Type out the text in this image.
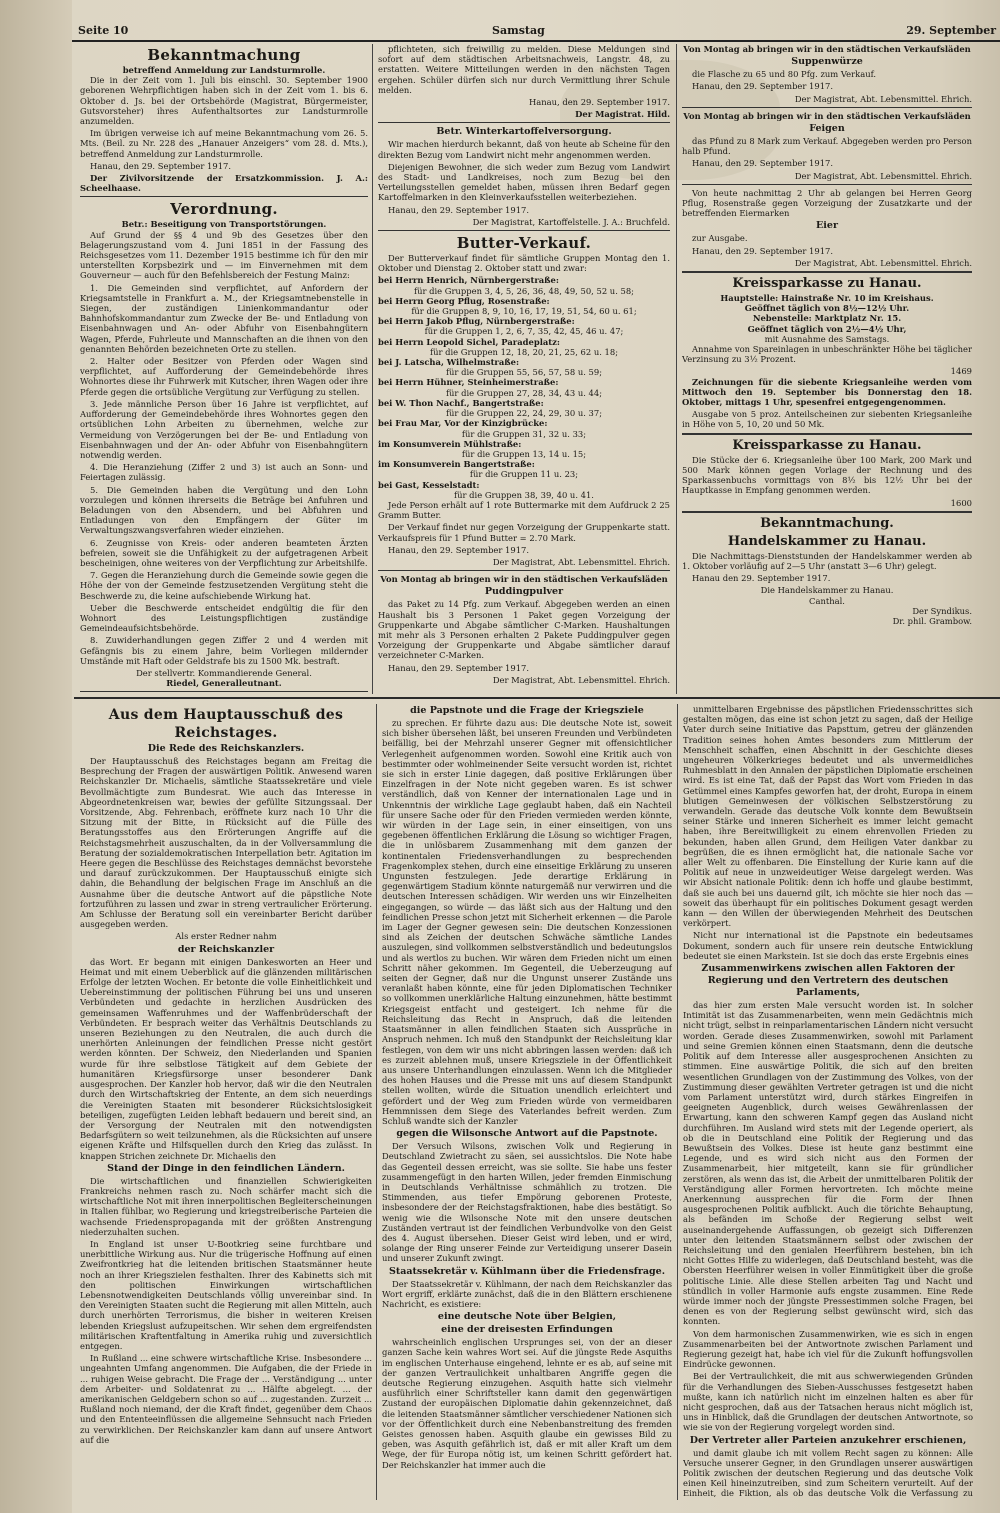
Seite 10	Samstag	29. September
Bekanntmachung
betreffend Anmeldung zur Landsturmrolle.

Die in der Zeit vom 1. Juli bis einschl. 30. September 1900 geborenen Wehrpflichtigen haben sich in der Zeit vom 1. bis 6. Oktober d. Js. bei der Ortsbehörde (Magistrat, Bürgermeister, Gutsvorsteher) ihres Aufenthaltsortes zur Landsturmrolle anzumelden.

Im übrigen verweise ich auf meine Bekanntmachung vom 26. 5. Mts. (Beil. zu Nr. 228 des „Hanauer Anzeigers“ vom 28. d. Mts.), betreffend Anmeldung zur Landsturmrolle.

Hanau, den 29. September 1917.

Der Zivilvorsitzende der Ersatzkommission. J. A.: Scheelhaase.

Verordnung.
Betr.: Beseitigung von Transportstörungen.

Auf Grund der §§ 4 und 9b des Gesetzes über den Belagerungszustand vom 4. Juni 1851 in der Fassung des Reichsgesetzes vom 11. Dezember 1915 bestimme ich für den mir unterstellten Korpsbezirk und — im Einvernehmen mit dem Gouverneur — auch für den Befehlsbereich der Festung Mainz:

1. Die Gemeinden sind verpflichtet, auf Anfordern der Kriegsamtstelle in Frankfurt a. M., der Kriegsamtnebenstelle in Siegen, der zuständigen Linienkommandantur oder Bahnhofskommandantur zum Zwecke der Be- und Entladung von Eisenbahnwagen und An- oder Abfuhr von Eisenbahngütern Wagen, Pferde, Fuhrleute und Mannschaften an die ihnen von den genannten Behörden bezeichneten Orte zu stellen.

2. Halter oder Besitzer von Pferden oder Wagen sind verpflichtet, auf Aufforderung der Gemeindebehörde ihres Wohnortes diese ihr Fuhrwerk mit Kutscher, ihren Wagen oder ihre Pferde gegen die ortsübliche Vergütung zur Verfügung zu stellen.

3. Jede männliche Person über 16 Jahre ist verpflichtet, auf Aufforderung der Gemeindebehörde ihres Wohnortes gegen den ortsüblichen Lohn Arbeiten zu übernehmen, welche zur Vermeidung von Verzögerungen bei der Be- und Entladung von Eisenbahnwagen und der An- oder Abfuhr von Eisenbahngütern notwendig werden.

4. Die Heranziehung (Ziffer 2 und 3) ist auch an Sonn- und Feiertagen zulässig.

5. Die Gemeinden haben die Vergütung und den Lohn vorzulegen und können ihrerseits die Beträge bei Anfuhren und Beladungen von den Absendern, und bei Abfuhren und Entladungen von den Empfängern der Güter im Verwaltungszwangsverfahren wieder einziehen.

6. Zeugnisse von Kreis- oder anderen beamteten Ärzten befreien, soweit sie die Unfähigkeit zu der aufgetragenen Arbeit bescheinigen, ohne weiteres von der Verpflichtung zur Arbeitshilfe.

7. Gegen die Heranziehung durch die Gemeinde sowie gegen die Höhe der von der Gemeinde festzusetzenden Vergütung steht die Beschwerde zu, die keine aufschiebende Wirkung hat.

Ueber die Beschwerde entscheidet endgültig die für den Wohnort des Leistungspflichtigen zuständige Gemeindeaufsichtsbehörde.

8. Zuwiderhandlungen gegen Ziffer 2 und 4 werden mit Gefängnis bis zu einem Jahre, beim Vorliegen mildernder Umstände mit Haft oder Geldstrafe bis zu 1500 Mk. bestraft.

Der stellvertr. Kommandierende General.
Riedel, Generalleutnant.

pflichteten, sich freiwillig zu melden. Diese Meldungen sind sofort auf dem städtischen Arbeitsnachweis, Langstr. 48, zu erstatten. Weitere Mitteilungen werden in den nächsten Tagen ergehen. Schüler dürfen sich nur durch Vermittlung ihrer Schule melden.

Hanau, den 29. September 1917.

Der Magistrat. Hild.

Betr. Winterkartoffelversorgung.

Wir machen hierdurch bekannt, daß von heute ab Scheine für den direkten Bezug vom Landwirt nicht mehr angenommen werden.

Diejenigen Bewohner, die sich weder zum Bezug vom Landwirt des Stadt- und Landkreises, noch zum Bezug bei den Verteilungsstellen gemeldet haben, müssen ihren Bedarf gegen Kartoffelmarken in den Kleinverkaufsstellen weiterbeziehen.

Hanau, den 29. September 1917.

Der Magistrat, Kartoffelstelle. J. A.: Bruchfeld.

Butter-Verkauf.

Der Butterverkauf findet für sämtliche Gruppen Montag den 1. Oktober und Dienstag 2. Oktober statt und zwar:

bei Herrn Henrich, Nürnbergerstraße:
für die Gruppen 3, 4, 5, 26, 36, 48, 49, 50, 52 u. 58;
bei Herrn Georg Pflug, Rosenstraße:
für die Gruppen 8, 9, 10, 16, 17, 19, 51, 54, 60 u. 61;
bei Herrn Jakob Pflug, Nürnbergerstraße:
für die Gruppen 1, 2, 6, 7, 35, 42, 45, 46 u. 47;
bei Herrn Leopold Sichel, Paradeplatz:
für die Gruppen 12, 18, 20, 21, 25, 62 u. 18;
bei J. Latscha, Wilhelmstraße:
für die Gruppen 55, 56, 57, 58 u. 59;
bei Herrn Hühner, Steinheimerstraße:
für die Gruppen 27, 28, 34, 43 u. 44;
bei W. Thon Nachf., Bangertstraße:
für die Gruppen 22, 24, 29, 30 u. 37;
bei Frau Mar, Vor der Kinzigbrücke:
für die Gruppen 31, 32 u. 33;
im Konsumverein Mühlstraße:
für die Gruppen 13, 14 u. 15;
im Konsumverein Bangertstraße:
für die Gruppen 11 u. 23;
bei Gast, Kesselstadt:
für die Gruppen 38, 39, 40 u. 41.

Jede Person erhält auf 1 rote Buttermarke mit dem Aufdruck 2 25 Gramm Butter.

Der Verkauf findet nur gegen Vorzeigung der Gruppenkarte statt. Verkaufspreis für 1 Pfund Butter = 2.70 Mark.

Hanau, den 29. September 1917.

Der Magistrat, Abt. Lebensmittel. Ehrich.

Von Montag ab bringen wir in den städtischen Verkaufsläden

Puddingpulver

das Paket zu 14 Pfg. zum Verkauf. Abgegeben werden an einen Haushalt bis 3 Personen 1 Paket gegen Vorzeigung der Gruppenkarte und Abgabe sämtlicher C-Marken. Haushaltungen mit mehr als 3 Personen erhalten 2 Pakete Puddingpulver gegen Vorzeigung der Gruppenkarte und Abgabe sämtlicher darauf verzeichneter C-Marken.

Hanau, den 29. September 1917.

Der Magistrat, Abt. Lebensmittel. Ehrich.

Von Montag ab bringen wir in den städtischen Verkaufsläden

Suppenwürze

die Flasche zu 65 und 80 Pfg. zum Verkauf.

Hanau, den 29. September 1917.

Der Magistrat, Abt. Lebensmittel. Ehrich.

Von Montag ab bringen wir in den städtischen Verkaufsläden

Feigen

das Pfund zu 8 Mark zum Verkauf. Abgegeben werden pro Person halb Pfund.

Hanau, den 29. September 1917.

Der Magistrat, Abt. Lebensmittel. Ehrich.

Von heute nachmittag 2 Uhr ab gelangen bei Herren Georg Pflug, Rosenstraße gegen Vorzeigung der Zusatzkarte und der betreffenden Eiermarken

Eier

zur Ausgabe.

Hanau, den 29. September 1917.

Der Magistrat, Abt. Lebensmittel. Ehrich.

Kreissparkasse zu Hanau.
Hauptstelle: Hainstraße Nr. 10 im Kreishaus.
Geöffnet täglich von 8½—12½ Uhr.
Nebenstelle: Marktplatz Nr. 15.
Geöffnet täglich von 2½—4½ Uhr,
mit Ausnahme des Samstags.

Annahme von Spareinlagen in unbeschränkter Höhe bei täglicher Verzinsung zu 3½ Prozent.

1469

Zeichnungen für die siebente Kriegsanleihe werden vom Mittwoch den 19. September bis Donnerstag den 18. Oktober, mittags 1 Uhr, spesenfrei entgegengenommen.

Ausgabe von 5 proz. Anteilscheinen zur siebenten Kriegsanleihe in Höhe von 5, 10, 20 und 50 Mk.

Kreissparkasse zu Hanau.

Die Stücke der 6. Kriegsanleihe über 100 Mark, 200 Mark und 500 Mark können gegen Vorlage der Rechnung und des Sparkassenbuchs vormittags von 8½ bis 12½ Uhr bei der Hauptkasse in Empfang genommen werden.

1600
Bekanntmachung.
Handelskammer zu Hanau.

Die Nachmittags-Dienststunden der Handelskammer werden ab 1. Oktober vorläufig auf 2—5 Uhr (anstatt 3—6 Uhr) gelegt.

Hanau den 29. September 1917.

Die Handelskammer zu Hanau.
Canthal.
Der Syndikus.
Dr. phil. Grambow.
Aus dem Hauptausschuß des Reichstages.
Die Rede des Reichskanzlers.

Der Hauptausschuß des Reichstages begann am Freitag die Besprechung der Fragen der auswärtigen Politik. Anwesend waren Reichskanzler Dr. Michaelis, sämtliche Staatssekretäre und viele Bevollmächtigte zum Bundesrat. Wie auch das Interesse in Abgeordnetenkreisen war, bewies der gefüllte Sitzungssaal. Der Vorsitzende, Abg. Fehrenbach, eröffnete kurz nach 10 Uhr die Sitzung mit der Bitte, in Rücksicht auf die Fülle des Beratungsstoffes aus den Erörterungen Angriffe auf die Reichstagsmehrheit auszuschalten, da in der Vollversammlung die Beratung der sozialdemokratischen Interpellation betr. Agitation im Heere gegen die Beschlüsse des Reichstages demnächst bevorstehe und darauf zurückzukommen. Der Hauptausschuß einigte sich dahin, die Behandlung der belgischen Frage im Anschluß an die Ausnahme über die deutsche Antwort auf die päpstliche Note fortzuführen zu lassen und zwar in streng vertraulicher Erörterung. Am Schlusse der Beratung soll ein vereinbarter Bericht darüber ausgegeben werden.

Als erster Redner nahm

der Reichskanzler

das Wort. Er begann mit einigen Dankesworten an Heer und Heimat und mit einem Ueberblick auf die glänzenden militärischen Erfolge der letzten Wochen. Er betonte die volle Einheitlichkeit und Uebereinstimmung der politischen Führung bei uns und unseren Verbündeten und gedachte in herzlichen Ausdrücken des gemeinsamen Waffenruhmes und der Waffenbrüderschaft der Verbündeten. Er besprach weiter das Verhältnis Deutschlands zu unseren Beziehungen zu den Neutralen, die auch durch die unerhörten Anleinungen der feindlichen Presse nicht gestört werden könnten. Der Schweiz, den Niederlanden und Spanien wurde für ihre selbstlose Tätigkeit auf dem Gebiete der humanitären Kriegsfürsorge unser besonderer Dank ausgesprochen. Der Kanzler hob hervor, daß wir die den Neutralen durch den Wirtschaftskrieg der Entente, an dem sich neuerdings die Vereinigten Staaten mit besonderer Rücksichtslosigkeit beteiligen, zugefügten Leiden lebhaft bedauern und bereit sind, an der Versorgung der Neutralen mit den notwendigsten Bedarfsgütern so weit teilzunehmen, als die Rücksichten auf unsere eigenen Kräfte und Hilfsquellen durch den Krieg das zulässt. In knappen Strichen zeichnete Dr. Michaelis den

Stand der Dinge in den feindlichen Ländern.

Die wirtschaftlichen und finanziellen Schwierigkeiten Frankreichs nehmen rasch zu. Noch schärfer macht sich die wirtschaftliche Not mit ihren innerpolitischen Begleiterscheinungen in Italien fühlbar, wo Regierung und kriegstreiberische Parteien die wachsende Friedenspropaganda mit der größten Anstrengung niederzuhalten suchen.

In England ist unser U-Bootkrieg seine furchtbare und unerbittliche Wirkung aus. Nur die trügerische Hoffnung auf einen Zweifrontkrieg hat die leitenden britischen Staatsmänner heute noch an ihrer Kriegszielen festhalten. Ihrer des Kabinetts sich mit den politischen Einwirkungen wirtschaftlichen Lebensnotwendigkeiten Deutschlands völlig unvereinbar sind. In den Vereinigten Staaten sucht die Regierung mit allen Mitteln, auch durch unerhörten Terrorismus, die bisher in weiteren Kreisen lebenden Kriegslust aufzupeitschen. Wir sehen dem ergreifendsten militärischen Kraftentfaltung in Amerika ruhig und zuversichtlich entgegen.

In Rußland ... eine schwere wirtschaftliche Krise. Insbesondere ... ungeahnten Umfang angenommen. Die Aufgaben, die der Friede in ... ruhigen Weise gebracht. Die Frage der ... Verständigung ... unter dem Arbeiter- und Soldatenrat zu ... Hälfte abgelegt. ... der amerikanischen Geldgebern schon so auf ... zugestanden. Zurzeit ... Rußland noch niemand, der die Kraft findet, gegenüber dem Chaos und den Ententeeinflüssen die allgemeine Sehnsucht nach Frieden zu verwirklichen. Der Reichskanzler kam dann auf unsere Antwort auf die

die Papstnote und die Frage der Kriegsziele

zu sprechen. Er führte dazu aus: Die deutsche Note ist, soweit sich bisher übersehen läßt, bei unseren Freunden und Verbündeten beifällig, bei der Mehrzahl unserer Gegner mit offensichtlicher Verlegenheit aufgenommen worden. Sowohl eine Kritik auch von bestimmter oder wohlmeinender Seite versucht worden ist, richtet sie sich in erster Linie dagegen, daß positive Erklärungen über Einzelfragen in der Note nicht gegeben waren. Es ist schwer verständlich, daß von Kenner der internationalen Lage und in Unkenntnis der wirkliche Lage geglaubt haben, daß ein Nachteil für unsere Sache oder für den Frieden vermieden werden könnte, wir würden in der Lage sein, in einer einseitigen, von uns gegebenen öffentlichen Erklärung die Lösung so wichtiger Fragen, die in unlösbarem Zusammenhang mit dem ganzen der kontinentalen Friedensverhandlungen zu besprechenden Fragenkomplex stehen, durch eine einseitige Erklärung zu unseren Ungunsten festzulegen. Jede derartige Erklärung in gegenwärtigem Stadium könnte naturgemäß nur verwirren und die deutschen Interessen schädigen. Wir werden uns wir Einzelheiten eingegangen, so würde — das läßt sich aus der Haltung und den feindlichen Presse schon jetzt mit Sicherheit erkennen — die Parole im Lager der Gegner gewesen sein: Die deutschen Konzessionen sind als Zeichen der deutschen Schwäche sämtliche Landes auszulegen, sind vollkommen selbstverständlich und bedeutungslos und als wertlos zu buchen. Wir wären dem Frieden nicht um einen Schritt näher gekommen. Im Gegenteil, die Ueberzeugung auf seiten der Gegner, daß nur die Ungunst unserer Zustände uns veranlaßt haben könnte, eine für jeden Diplomatischen Techniker so vollkommen unerklärliche Haltung einzunehmen, hätte bestimmt Kriegsgeist entfacht und gesteigert. Ich nehme für die Reichsleitung das Recht in Anspruch, daß die leitenden Staatsmänner in allen feindlichen Staaten sich Aussprüche in Anspruch nehmen. Ich muß den Standpunkt der Reichsleitung klar festlegen, von dem wir uns nicht abbringen lassen werden: daß ich es zurzeit ablehnen muß, unsere Kriegsziele in der Öffentlichkeit aus unsere Unterhandlungen einzulassen. Wenn ich die Mitglieder des hohen Hauses und die Presse mit uns auf diesem Standpunkt stellen wollten, würde die Situation unendlich erleichtert und gefördert und der Weg zum Frieden würde von vermeidbaren Hemmnissen dem Siege des Vaterlandes befreit werden. Zum Schluß wandte sich der Kanzler

gegen die Wilsonsche Antwort auf die Papstnote.

Der Versuch Wilsons, zwischen Volk und Regierung in Deutschland Zwietracht zu säen, sei aussichtslos. Die Note habe das Gegenteil dessen erreicht, was sie sollte. Sie habe uns fester zusammengefügt in den harten Willen, jeder fremden Einmischung in Deutschlands Verhältnisse schmählich zu trotzen. Die Stimmenden, aus tiefer Empörung geborenen Proteste, insbesondere der der Reichstagsfraktionen, habe dies bestätigt. So wenig wie die Wilsonsche Note mit den unsere deutschen Zuständen vertraut ist der feindlichen Verbundvolke von den Geist des 4. August übersehen. Dieser Geist wird leben, und er wird, solange der Ring unserer Feinde zur Verteidigung unserer Dasein und unserer Zukunft zwingt.

Staatssekretär v. Kühlmann über die Friedensfrage.

Der Staatssekretär v. Kühlmann, der nach dem Reichskanzler das Wort ergriff, erklärte zunächst, daß die in den Blättern erschienene Nachricht, es existiere:

eine deutsche Note über Belgien,
eine der dreisesten Erfindungen

wahrscheinlich englischen Ursprunges sei, von der an dieser ganzen Sache kein wahres Wort sei. Auf die jüngste Rede Asquiths im englischen Unterhause eingehend, lehnte er es ab, auf seine mit der ganzen Vertraulichkeit unhaltbaren Angriffe gegen die deutsche Regierung einzugehen. Asquith hatte sich vielmehr ausführlich einer Schriftsteller kann damit den gegenwärtigen Zustand der europäischen Diplomatie dahin gekennzeichnet, daß die leitenden Staatsmänner sämtlicher verschiedener Nationen sich vor der Öffentlichkeit durch eine Nebenbanstreitung des fremden Geistes genossen haben. Asquith glaube ein gewisses Bild zu geben, was Asquith gefährlich ist, daß er mit aller Kraft um dem Wege, der für Europa nötig ist, um keinen Schritt gefördert hat. Der Reichskanzler hat immer auch die

unmittelbaren Ergebnisse des päpstlichen Friedensschrittes sich gestalten mögen, das eine ist schon jetzt zu sagen, daß der Heilige Vater durch seine Initiative das Papsttum, getreu der glänzenden Tradition seines hohen Amtes besonders zum Mittlerum der Menschheit schaffen, einen Abschnitt in der Geschichte dieses ungeheuren Völkerkrieges bedeutet und als unvermeidliches Ruhmesblatt in den Annalen der päpstlichen Diplomatie erscheinen wird. Es ist eine Tat, daß der Papst das Wort vom Frieden in das Getümmel eines Kampfes geworfen hat, der droht, Europa in einem blutigen Gemeinwesen der völkischen Selbstzerstörung zu verwandeln. Gerade das deutsche Volk konnte dem Bewußtsein seiner Stärke und inneren Sicherheit es immer leicht gemacht haben, ihre Bereitwilligkeit zu einem ehrenvollen Frieden zu bekunden, haben allen Grund, dem Heiligen Vater dankbar zu begrüßen, die es ihnen ermöglicht hat, die nationale Sache vor aller Welt zu offenbaren. Die Einstellung der Kurie kann auf die Politik auf neue in unzweideutiger Weise dargelegt werden. Was wir Absicht nationale Politik: denn ich hoffe und glaube bestimmt, daß sie auch bei uns dauernd gilt, ich möchte sie hier noch das — soweit das überhaupt für ein politisches Dokument gesagt werden kann — den Willen der überwiegenden Mehrheit des Deutschen verkörpert.

Nicht nur international ist die Papstnote ein bedeutsames Dokument, sondern auch für unsere rein deutsche Entwicklung bedeutet sie einen Markstein. Ist sie doch das erste Ergebnis eines

Zusammenwirkens zwischen allen Faktoren der Regierung und den Vertretern des deutschen Parlaments,

das hier zum ersten Male versucht worden ist. In solcher Intimität ist das Zusammenarbeiten, wenn mein Gedächtnis mich nicht trügt, selbst in reinparlamentarischen Ländern nicht versucht worden. Gerade dieses Zusammenwirken, sowohl mit Parlament und seine Gremien können einen Staatsmann, denn die deutsche Politik auf dem Interesse aller ausgesprochenen Ansichten zu stimmen. Eine auswärtige Politik, die sich auf den breiten wesentlichen Grundlagen von der Zustimmung des Volkes, von der Zustimmung dieser gewählten Vertreter getragen ist und die nicht vom Parlament unterstützt wird, durch stärkes Eingreifen in geeigneten Augenblick, durch weises Gewährenlassen der Erwartung, kann den schweren Kampf gegen das Ausland nicht durchführen. Im Ausland wird stets mit der Legende operiert, als ob die in Deutschland eine Politik der Regierung und das Bewußtsein des Volkes. Diese ist heute ganz bestimmt eine Legende, und es wird sich nicht aus den Formen der Zusammenarbeit, hier mitgeteilt, kann sie für gründlicher zerstören, als wenn das ist, die Arbeit der unmittelbaren Politik der Verständigung aller Formen hervortreten. Ich möchte meine Anerkennung aussprechen für die Form der Ihnen ausgesprochenen Politik aufblickt. Auch die törichte Behauptung, als befänden im Schoße der Regierung selbst weit auseinandergehende Auffassungen, ob gezeigt sich Differenzen unter den leitenden Staatsmännern selbst oder zwischen der Reichsleitung und den genialen Heerführern bestehen, bin ich nicht Gottes Hilfe zu widerlegen, daß Deutschland besteht, was die Obersten Heerführer weisen in voller Einmütigkeit über die große politische Linie. Alle diese Stellen arbeiten Tag und Nacht und stündlich in voller Harmonie aufs engste zusammen. Eine Rede würde immer noch der jüngste Pressestimmen solche Fragen, bei denen es von der Regierung selbst gewünscht wird, sich das konnten.

Von dem harmonischen Zusammenwirken, wie es sich in engen Zusammenarbeiten bei der Antwortnote zwischen Parlament und Regierung gezeigt hat, habe ich viel für die Zukunft hoffungsvollen Eindrücke gewonnen.

Bei der Vertraulichkeit, die mit aus schwerwiegenden Gründen für die Verhandlungen des Sieben-Ausschusses festgesetzt haben mußte, kann ich natürlich nicht im einzelnen halten es aber für nicht gesprochen, daß aus der Tatsachen heraus nicht möglich ist, uns in Hinblick, daß die Grundlagen der deutschen Antwortnote, so wie sie von der Regierung vorgelegt worden sind.

Der Vertreter aller Parteien anzukehrer erschienen,

und damit glaube ich mit vollem Recht sagen zu können: Alle Versuche unserer Gegner, in den Grundlagen unserer auswärtigen Politik zwischen der deutschen Regierung und das deutsche Volk einen Keil hineinzutreiben, sind zum Scheitern verurteilt. Auf der Einheit, die Fiktion, als ob das deutsche Volk die Verfassung zu
